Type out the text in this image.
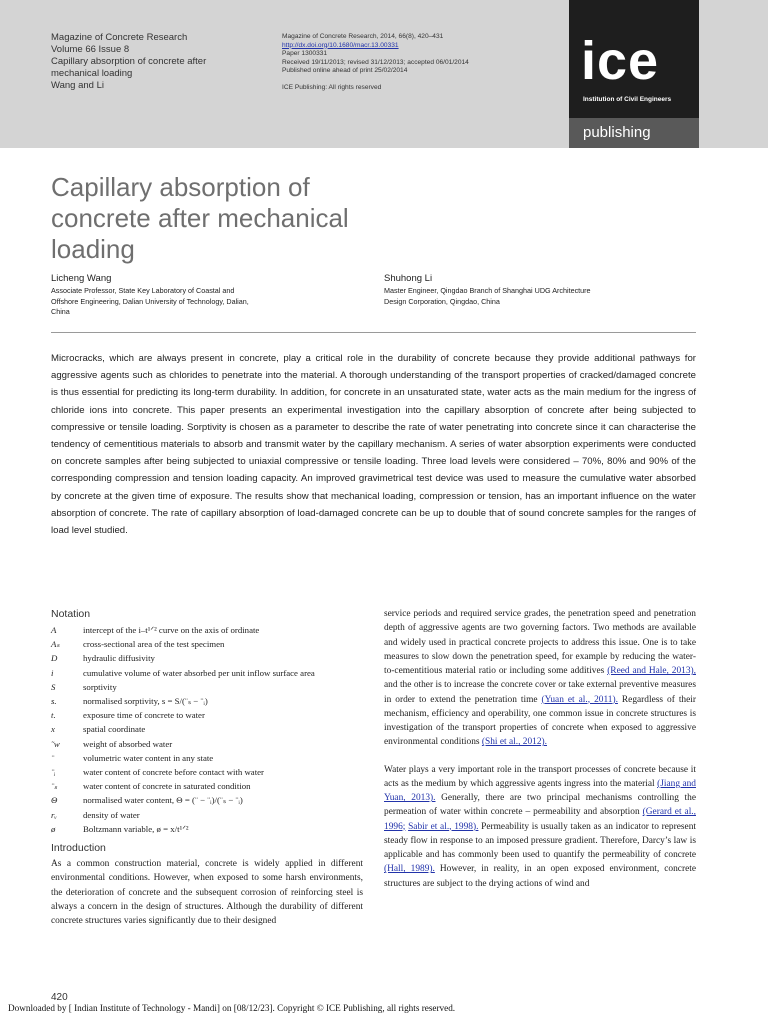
Magazine of Concrete Research
Volume 66 Issue 8
Capillary absorption of concrete after
mechanical loading
Wang and Li
Magazine of Concrete Research, 2014, 66(8), 420–431
http://dx.doi.org/10.1680/macr.13.00331
Paper 1300331
Received 19/11/2013; revised 31/12/2013; accepted 06/01/2014
Published online ahead of print 25/02/2014
ICE Publishing: All rights reserved	ice
Institution of Civil Engineers
publishing
Capillary absorption of
concrete after mechanical
loading
Licheng Wang
Associate Professor, State Key Laboratory of Coastal and
Offshore Engineering, Dalian University of Technology, Dalian,
China
Shuhong Li
Master Engineer, Qingdao Branch of Shanghai UDG Architecture
Design Corporation, Qingdao, China

Microcracks, which are always present in concrete, play a critical role in the durability of concrete because they provide additional pathways for aggressive agents such as chlorides to penetrate into the material. A thorough understanding of the transport properties of cracked/damaged concrete is thus essential for predicting its long-term durability. In addition, for concrete in an unsaturated state, water acts as the main medium for the ingress of chloride ions into concrete. This paper presents an experimental investigation into the capillary absorption of concrete after being subjected to compressive or tensile loading. Sorptivity is chosen as a parameter to describe the rate of water penetrating into concrete since it can characterise the tendency of cementitious materials to absorb and transmit water by the capillary mechanism. A series of water absorption experiments were conducted on concrete samples after being subjected to uniaxial compressive or tensile loading. Three load levels were considered – 70%, 80% and 90% of the corresponding compression and tension loading capacity. An improved gravimetrical test device was used to measure the cumulative water absorbed by concrete at the given time of exposure. The results show that mechanical loading, compression or tension, has an important influence on the water absorption of concrete. The rate of capillary absorption of load-damaged concrete can be up to double that of sound concrete samples for the ranges of load level studied.

Notation
A	intercept of the i–t¹ᐟ² curve on the axis of ordinate
Aₛ	cross-sectional area of the test specimen
D	hydraulic diffusivity
i	cumulative volume of water absorbed per unit inflow surface area
S	sorptivity
s.	normalised sorptivity, s = S/(¨ₛ − ¨ᵢ)
t.	exposure time of concrete to water
x	spatial coordinate
˜w	weight of absorbed water
¨	volumetric water content in any state
¨ᵢ	water content of concrete before contact with water
¨ₛ	water content of concrete in saturated condition
Θ	normalised water content, Θ = (¨ − ¨ᵢ)/(¨ₛ − ¨ᵢ)
rᵥ	density of water
ø	Boltzmann variable, ø = x/t¹ᐟ²
Introduction

As a common construction material, concrete is widely applied in different environmental conditions. However, when exposed to some harsh environments, the deterioration of concrete and the subsequent corrosion of reinforcing steel is always a concern in the design of structures. Although the durability of different concrete structures varies significantly due to their designed

service periods and required service grades, the penetration speed and penetration depth of aggressive agents are two governing factors. Two methods are available and widely used in practical concrete projects to address this issue. One is to take measures to slow down the penetration speed, for example by reducing the water-to-cementitious material ratio or including some additives (Reed and Hale, 2013), and the other is to increase the concrete cover or take external preventive measures in order to extend the penetration time (Yuan et al., 2011). Regardless of their mechanism, efficiency and operability, one common issue in concrete structures is investigation of the transport properties of concrete when exposed to aggressive environmental conditions (Shi et al., 2012).

Water plays a very important role in the transport processes of concrete because it acts as the medium by which aggressive agents ingress into the material (Jiang and Yuan, 2013). Generally, there are two principal mechanisms controlling the permeation of water within concrete – permeability and absorption (Gerard et al., 1996; Sabir et al., 1998). Permeability is usually taken as an indicator to represent steady flow in response to an imposed pressure gradient. Therefore, Darcy’s law is applicable and has commonly been used to quantify the permeability of concrete (Hall, 1989). However, in reality, in an open exposed environment, concrete structures are subject to the drying actions of wind and

420
Downloaded by [ Indian Institute of Technology - Mandi] on [08/12/23]. Copyright © ICE Publishing, all rights reserved.
